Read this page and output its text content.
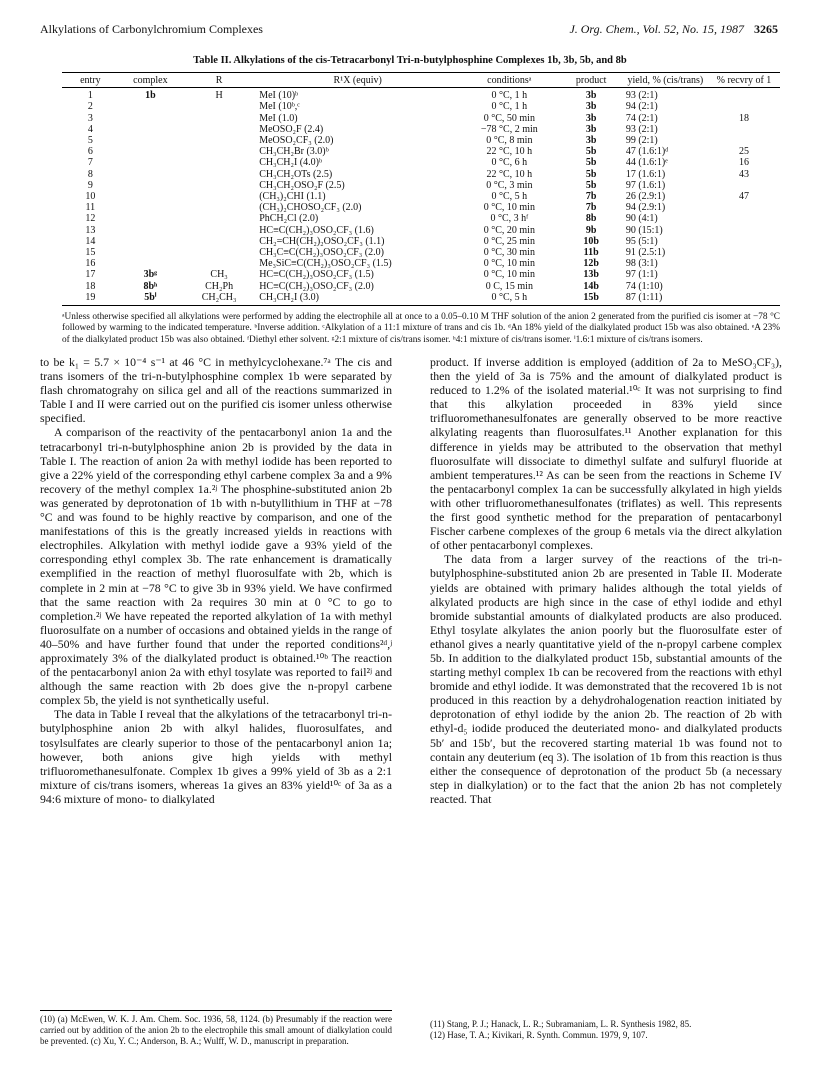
Alkylations of Carbonylchromium Complexes	J. Org. Chem., Vol. 52, No. 15, 1987 3265
Table II. Alkylations of the cis-Tetracarbonyl Tri-n-butylphosphine Complexes 1b, 3b, 5b, and 8b
entry	complex	R	R¹X (equiv)	conditionsᵃ	product	yield, % (cis/trans)	% recvry of 1
1	1b	H	MeI (10)ᵇ	0 °C, 1 h	3b	93 (2:1)	
2			MeI (10ᵇ,ᶜ	0 °C, 1 h	3b	94 (2:1)	
3			MeI (1.0)	0 °C, 50 min	3b	74 (2:1)	18
4			MeOSO₂F (2.4)	−78 °C, 2 min	3b	93 (2:1)	
5			MeOSO₂CF₃ (2.0)	0 °C, 8 min	3b	99 (2:1)	
6			CH₃CH₂Br (3.0)ᵇ	22 °C, 10 h	5b	47 (1.6:1)ᵈ	25
7			CH₃CH₂I (4.0)ᵇ	0 °C, 6 h	5b	44 (1.6:1)ᵉ	16
8			CH₃CH₂OTs (2.5)	22 °C, 10 h	5b	17 (1.6:1)	43
9			CH₃CH₂OSO₂F (2.5)	0 °C, 3 min	5b	97 (1.6:1)	
10			(CH₃)₂CHI (1.1)	0 °C, 5 h	7b	26 (2.9:1)	47
11			(CH₃)₂CHOSO₂CF₃ (2.0)	0 °C, 10 min	7b	94 (2.9:1)	
12			PhCH₂Cl (2.0)	0 °C, 3 hᶠ	8b	90 (4:1)	
13			HC≡C(CH₂)₃OSO₂CF₃ (1.6)	0 °C, 20 min	9b	90 (15:1)	
14			CH₂=CH(CH₂)₂OSO₂CF₃ (1.1)	0 °C, 25 min	10b	95 (5:1)	
15			CH₃C≡C(CH₂)₃OSO₂CF₃ (2.0)	0 °C, 30 min	11b	91 (2.5:1)	
16			Me₃SiC≡C(CH₂)₃OSO₂CF₃ (1.5)	0 °C, 10 min	12b	98 (3:1)	
17	3bᵍ	CH₃	HC≡C(CH₂)₃OSO₂CF₃ (1.5)	0 °C, 10 min	13b	97 (1:1)	
18	8bʰ	CH₂Ph	HC≡C(CH₂)₃OSO₂CF₃ (2.0)	0 C, 15 min	14b	74 (1:10)	
19	5bⁱ	CH₂CH₃	CH₃CH₂I (3.0)	0 °C, 5 h	15b	87 (1:11)	
ᵃUnless otherwise specified all alkylations were performed by adding the electrophile all at once to a 0.05–0.10 M THF solution of the anion 2 generated from the purified cis isomer at −78 °C followed by warming to the indicated temperature. ᵇInverse addition. ᶜAlkylation of a 11:1 mixture of trans and cis 1b. ᵈAn 18% yield of the dialkylated product 15b was also obtained. ᵉA 23% of the dialkylated product 15b was also obtained. ᶠDiethyl ether solvent. ᵍ2:1 mixture of cis/trans isomer. ʰ4:1 mixture of cis/trans isomer. ⁱ1.6:1 mixture of cis/trans isomers.

to be k₁ = 5.7 × 10⁻⁴ s⁻¹ at 46 °C in methylcyclohexane.⁷ᵃ The cis and trans isomers of the tri-n-butylphosphine complex 1b were separated by flash chromatograhy on silica gel and all of the reactions summarized in Table I and II were carried out on the purified cis isomer unless otherwise specified.

A comparison of the reactivity of the pentacarbonyl anion 1a and the tetracarbonyl tri-n-butylphosphine anion 2b is provided by the data in Table I. The reaction of anion 2a with methyl iodide has been reported to give a 22% yield of the corresponding ethyl carbene complex 3a and a 9% recovery of the methyl complex 1a.²ʲ The phosphine-substituted anion 2b was generated by deprotonation of 1b with n-butyllithium in THF at −78 °C and was found to be highly reactive by comparison, and one of the manifestations of this is the greatly increased yields in reactions with electrophiles. Alkylation with methyl iodide gave a 93% yield of the corresponding ethyl complex 3b. The rate enhancement is dramatically exemplified in the reaction of methyl fluorosulfate with 2b, which is complete in 2 min at −78 °C to give 3b in 93% yield. We have confirmed that the same reaction with 2a requires 30 min at 0 °C to go to completion.²ʲ We have repeated the reported alkylation of 1a with methyl fluorosulfate on a number of occasions and obtained yields in the range of 40–50% and have further found that under the reported conditions²ᵈ,ʲ approximately 3% of the dialkylated product is obtained.¹⁰ᵇ The reaction of the pentacarbonyl anion 2a with ethyl tosylate was reported to fail²ʲ and although the same reaction with 2b does give the n-propyl carbene complex 5b, the yield is not synthetically useful.

The data in Table I reveal that the alkylations of the tetracarbonyl tri-n-butylphosphine anion 2b with alkyl halides, fluorosulfates, and tosylsulfates are clearly superior to those of the pentacarbonyl anion 1a; however, both anions give high yields with methyl trifluoromethanesulfonate. Complex 1b gives a 99% yield of 3b as a 2:1 mixture of cis/trans isomers, whereas 1a gives an 83% yield¹⁰ᶜ of 3a as a 94:6 mixture of mono- to dialkylated

product. If inverse addition is employed (addition of 2a to MeSO₃CF₃), then the yield of 3a is 75% and the amount of dialkylated product is reduced to 1.2% of the isolated material.¹⁰ᶜ It was not surprising to find that this alkylation proceeded in 83% yield since trifluoromethanesulfonates are generally observed to be more reactive alkylating reagents than fluorosulfates.¹¹ Another explanation for this difference in yields may be attributed to the observation that methyl fluorosulfate will dissociate to dimethyl sulfate and sulfuryl fluoride at ambient temperatures.¹² As can be seen from the reactions in Scheme IV the pentacarbonyl complex 1a can be successfully alkylated in high yields with other trifluoromethanesulfonates (triflates) as well. This represents the first good synthetic method for the preparation of pentacarbonyl Fischer carbene complexes of the group 6 metals via the direct alkylation of other pentacarbonyl complexes.

The data from a larger survey of the reactions of the tri-n-butylphosphine-substituted anion 2b are presented in Table II. Moderate yields are obtained with primary halides although the total yields of alkylated products are high since in the case of ethyl iodide and ethyl bromide substantial amounts of dialkylated products are also produced. Ethyl tosylate alkylates the anion poorly but the fluorosulfate ester of ethanol gives a nearly quantitative yield of the n-propyl carbene complex 5b. In addition to the dialkylated product 15b, substantial amounts of the starting methyl complex 1b can be recovered from the reactions with ethyl bromide and ethyl iodide. It was demonstrated that the recovered 1b is not produced in this reaction by a dehydrohalogenation reaction initiated by deprotonation of ethyl iodide by the anion 2b. The reaction of 2b with ethyl-d₅ iodide produced the deuteriated mono- and dialkylated products 5b′ and 15b′, but the recovered starting material 1b was found not to contain any deuterium (eq 3). The isolation of 1b from this reaction is thus either the consequence of deprotonation of the product 5b (a necessary step in dialkylation) or to the fact that the anion 2b has not completely reacted. That

(10) (a) McEwen, W. K. J. Am. Chem. Soc. 1936, 58, 1124. (b) Presumably if the reaction were carried out by addition of the anion 2b to the electrophile this small amount of dialkylation could be prevented. (c) Xu, Y. C.; Anderson, B. A.; Wulff, W. D., manuscript in preparation.

(11) Stang, P. J.; Hanack, L. R.; Subramaniam, L. R. Synthesis 1982, 85.

(12) Hase, T. A.; Kivikari, R. Synth. Commun. 1979, 9, 107.
